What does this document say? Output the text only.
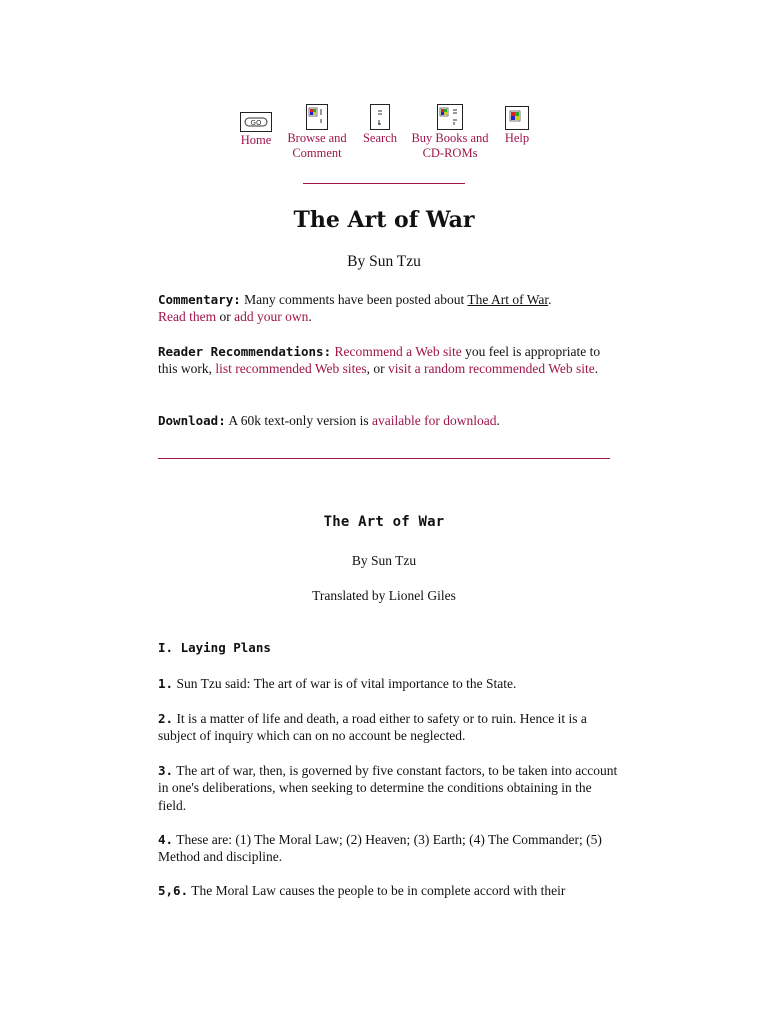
GO
Home Browse and
Comment
Search Buy Books and
CD-ROMs
Help
The Art of War
By Sun Tzu
Commentary: Many comments have been posted about The Art of War.
Read them or add your own.
Reader Recommendations: Recommend a Web site you feel is appropriate to this work, list recommended Web sites, or visit a random recommended Web site.
Download: A 60k text-only version is available for download.
The Art of War
By Sun Tzu
Translated by Lionel Giles
I. Laying Plans
1. Sun Tzu said: The art of war is of vital importance to the State.
2. It is a matter of life and death, a road either to safety or to ruin. Hence it is a subject of inquiry which can on no account be neglected.
3. The art of war, then, is governed by five constant factors, to be taken into account in one's deliberations, when seeking to determine the conditions obtaining in the field.
4. These are: (1) The Moral Law; (2) Heaven; (3) Earth; (4) The Commander; (5) Method and discipline.
5,6. The Moral Law causes the people to be in complete accord with their
